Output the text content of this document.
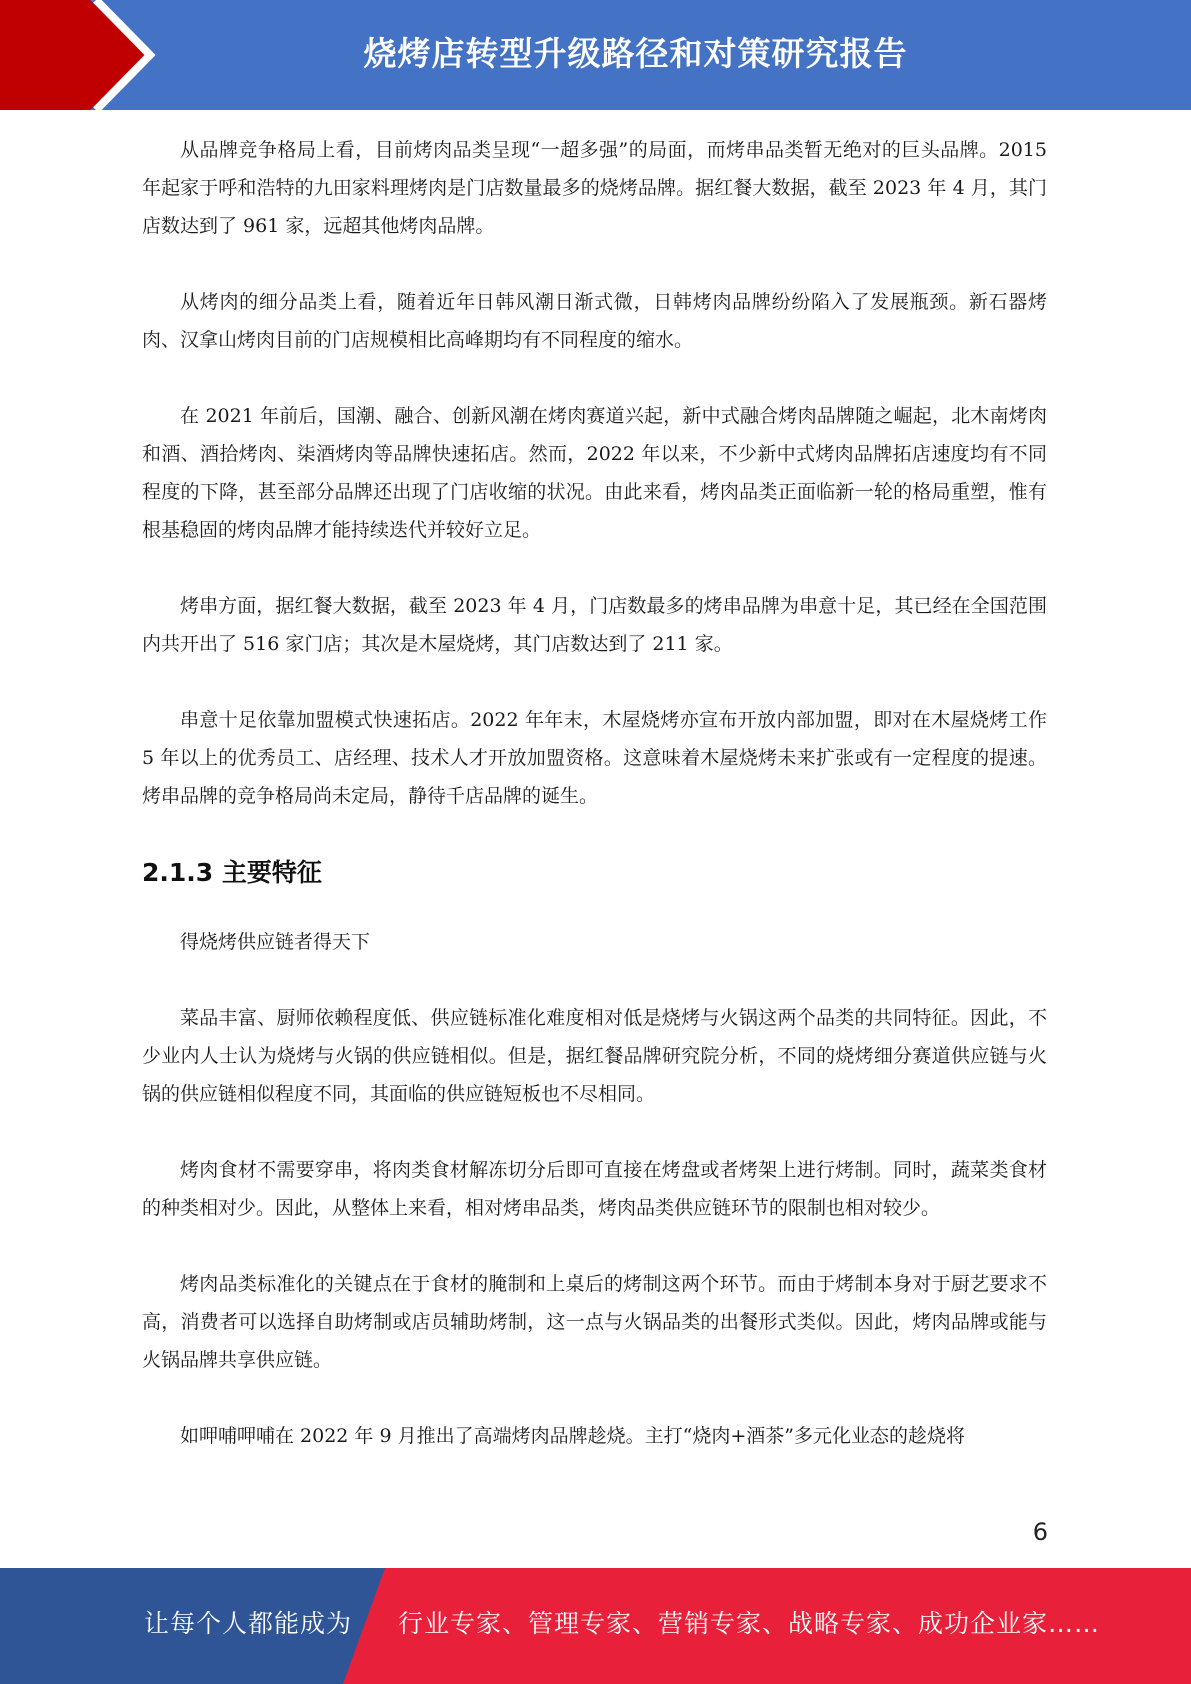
烧烤店转型升级路径和对策研究报告

从品牌竞争格局上看，目前烤肉品类呈现“一超多强”的局面，而烤串品类暂无绝对的巨头品牌。2015 年起家于呼和浩特的九田家料理烤肉是门店数量最多的烧烤品牌。据红餐大数据，截至 2023 年 4 月，其门店数达到了 961 家，远超其他烤肉品牌。

从烤肉的细分品类上看，随着近年日韩风潮日渐式微，日韩烤肉品牌纷纷陷入了发展瓶颈。新石器烤肉、汉拿山烤肉目前的门店规模相比高峰期均有不同程度的缩水。

在 2021 年前后，国潮、融合、创新风潮在烤肉赛道兴起，新中式融合烤肉品牌随之崛起，北木南烤肉和酒、酒拾烤肉、柒酒烤肉等品牌快速拓店。然而，2022 年以来，不少新中式烤肉品牌拓店速度均有不同程度的下降，甚至部分品牌还出现了门店收缩的状况。由此来看，烤肉品类正面临新一轮的格局重塑，惟有根基稳固的烤肉品牌才能持续迭代并较好立足。

烤串方面，据红餐大数据，截至 2023 年 4 月，门店数最多的烤串品牌为串意十足，其已经在全国范围内共开出了 516 家门店；其次是木屋烧烤，其门店数达到了 211 家。

串意十足依靠加盟模式快速拓店。2022 年年末，木屋烧烤亦宣布开放内部加盟，即对在木屋烧烤工作 5 年以上的优秀员工、店经理、技术人才开放加盟资格。这意味着木屋烧烤未来扩张或有一定程度的提速。烤串品牌的竞争格局尚未定局，静待千店品牌的诞生。

2.1.3 主要特征

得烧烤供应链者得天下

菜品丰富、厨师依赖程度低、供应链标准化难度相对低是烧烤与火锅这两个品类的共同特征。因此，不少业内人士认为烧烤与火锅的供应链相似。但是，据红餐品牌研究院分析，不同的烧烤细分赛道供应链与火锅的供应链相似程度不同，其面临的供应链短板也不尽相同。

烤肉食材不需要穿串，将肉类食材解冻切分后即可直接在烤盘或者烤架上进行烤制。同时，蔬菜类食材的种类相对少。因此，从整体上来看，相对烤串品类，烤肉品类供应链环节的限制也相对较少。

烤肉品类标准化的关键点在于食材的腌制和上桌后的烤制这两个环节。而由于烤制本身对于厨艺要求不高，消费者可以选择自助烤制或店员辅助烤制，这一点与火锅品类的出餐形式类似。因此，烤肉品牌或能与火锅品牌共享供应链。

如呷哺呷哺在 2022 年 9 月推出了高端烤肉品牌趁烧。主打“烧肉+酒茶”多元化业态的趁烧将

6
让每个人都能成为 行业专家、管理专家、营销专家、战略专家、成功企业家……
